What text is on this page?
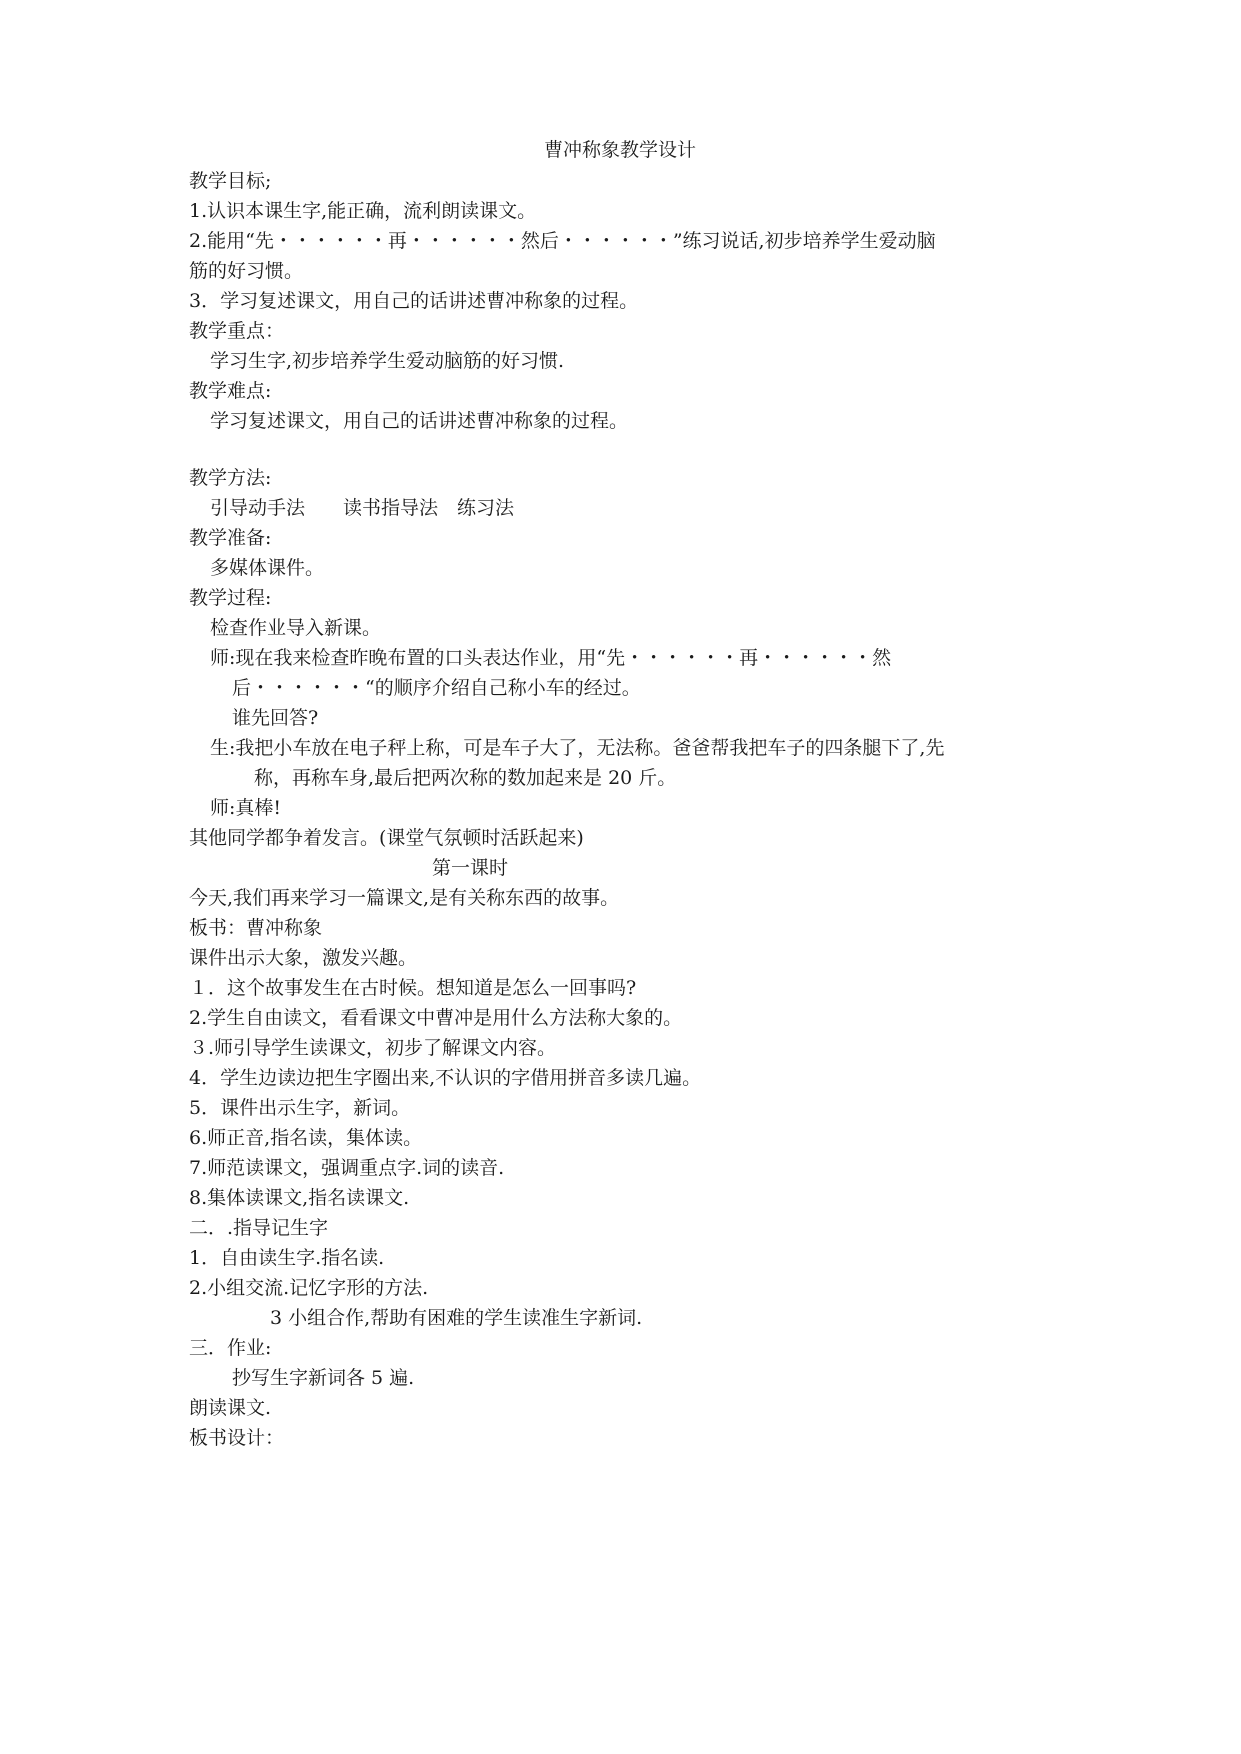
曹冲称象教学设计

教学目标;

1.认识本课生字,能正确，流利朗读课文。

2.能用“先・・・・・・再・・・・・・然后・・・・・・”练习说话,初步培养学生爱动脑

筋的好习惯。

3．学习复述课文，用自己的话讲述曹冲称象的过程。

教学重点：

学习生字,初步培养学生爱动脑筋的好习惯.

教学难点:

学习复述课文，用自己的话讲述曹冲称象的过程。

教学方法:

引导动手法　　读书指导法　练习法

教学准备:

多媒体课件。

教学过程:

检查作业导入新课。

师:现在我来检查昨晚布置的口头表达作业，用“先・・・・・・再・・・・・・然

后・・・・・・“的顺序介绍自己称小车的经过。

谁先回答?

生:我把小车放在电子秤上称，可是车子大了，无法称。爸爸帮我把车子的四条腿下了,先

称，再称车身,最后把两次称的数加起来是 20 斤。

师:真棒!

其他同学都争着发言。(课堂气氛顿时活跃起来)

第一课时

今天,我们再来学习一篇课文,是有关称东西的故事。

板书：曹冲称象

课件出示大象，激发兴趣。

１．这个故事发生在古时候。想知道是怎么一回事吗?

2.学生自由读文，看看课文中曹冲是用什么方法称大象的。

３.师引导学生读课文，初步了解课文内容。

4．学生边读边把生字圈出来,不认识的字借用拼音多读几遍。

5．课件出示生字，新词。

6.师正音,指名读，集体读。

7.师范读课文，强调重点字.词的读音.

8.集体读课文,指名读课文.

二．.指导记生字

1．自由读生字.指名读.

2.小组交流.记忆字形的方法.

3 小组合作,帮助有困难的学生读准生字新词.

三．作业:

抄写生字新词各 5 遍.

朗读课文.

板书设计：
